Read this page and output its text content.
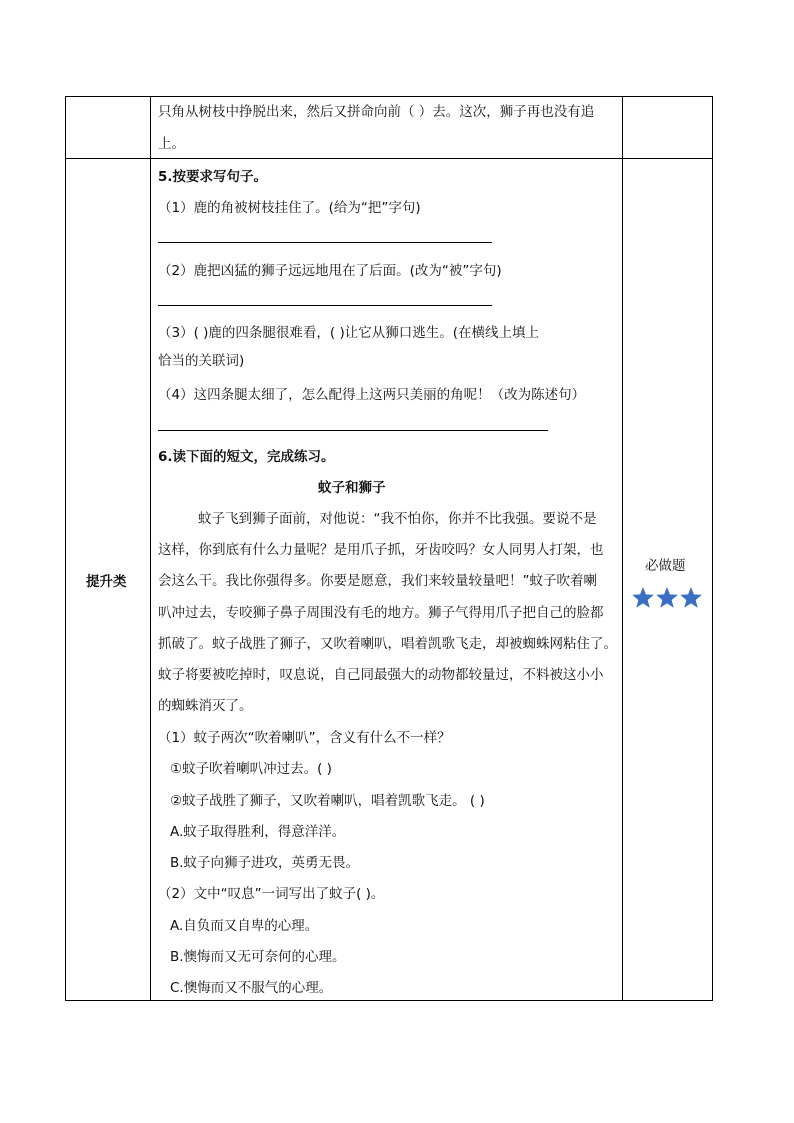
只角从树枝中挣脱出来，然后又拼命向前（ ）去。这次，狮子再也没有追
上。
提升类
必做题
5.按要求写句子。
（1）鹿的角被树枝挂住了。(给为“把”字句)
（2）鹿把凶猛的狮子远远地甩在了后面。(改为“被”字句)
（3）( )鹿的四条腿很难看，( )让它从狮口逃生。(在横线上填上
恰当的关联词)
（4）这四条腿太细了，怎么配得上这两只美丽的角呢！（改为陈述句）
6.读下面的短文，完成练习。
蚊子和狮子
蚊子飞到狮子面前，对他说：“我不怕你，你并不比我强。要说不是
这样，你到底有什么力量呢？是用爪子抓，牙齿咬吗？女人同男人打架，也
会这么干。我比你强得多。你要是愿意，我们来较量较量吧！”蚊子吹着喇
叭冲过去，专咬狮子鼻子周围没有毛的地方。狮子气得用爪子把自己的脸都
抓破了。蚊子战胜了狮子，又吹着喇叭，唱着凯歌飞走，却被蜘蛛网粘住了。
蚊子将要被吃掉时，叹息说，自己同最强大的动物都较量过，不料被这小小
的蜘蛛消灭了。
（1）蚊子两次“吹着喇叭”，含义有什么不一样？
①蚊子吹着喇叭冲过去。( )
②蚊子战胜了狮子，又吹着喇叭，唱着凯歌飞走。 ( )
A.蚊子取得胜利，得意洋洋。
B.蚊子向狮子进攻，英勇无畏。
（2）文中“叹息”一词写出了蚊子( )。
A.自负而又自卑的心理。
B.懊悔而又无可奈何的心理。
C.懊悔而又不服气的心理。
